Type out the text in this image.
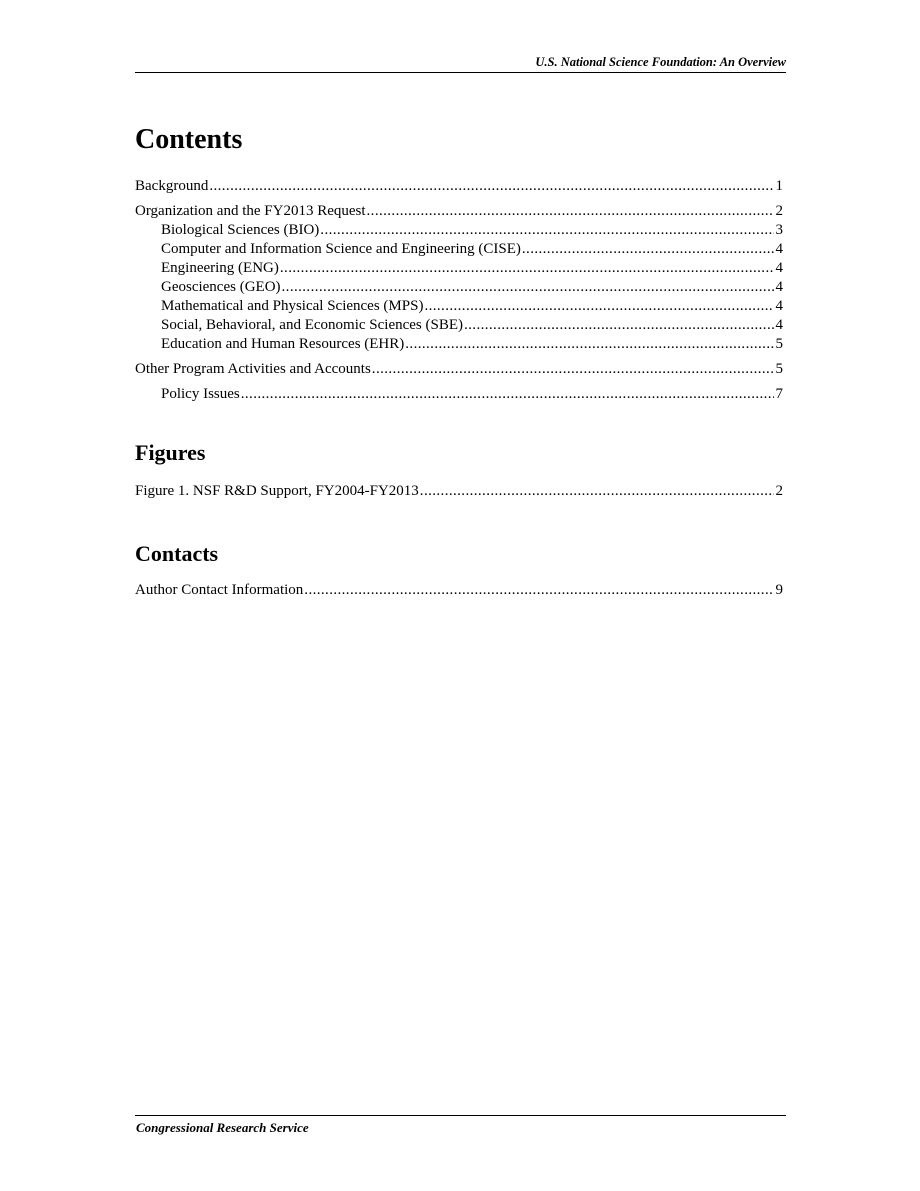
U.S. National Science Foundation: An Overview
Contents
Background .....	1
Organization and the FY2013 Request .....	2
Biological Sciences (BIO) .....	3
Computer and Information Science and Engineering (CISE) .....	4
Engineering (ENG) .....	4
Geosciences (GEO) .....	4
Mathematical and Physical Sciences (MPS) .....	4
Social, Behavioral, and Economic Sciences (SBE) .....	4
Education and Human Resources (EHR) .....	5
Other Program Activities and Accounts .....	5
Policy Issues .....	7
Figures
Figure 1. NSF R&D Support, FY2004-FY2013 .....	2
Contacts
Author Contact Information .....	9
Congressional Research Service
